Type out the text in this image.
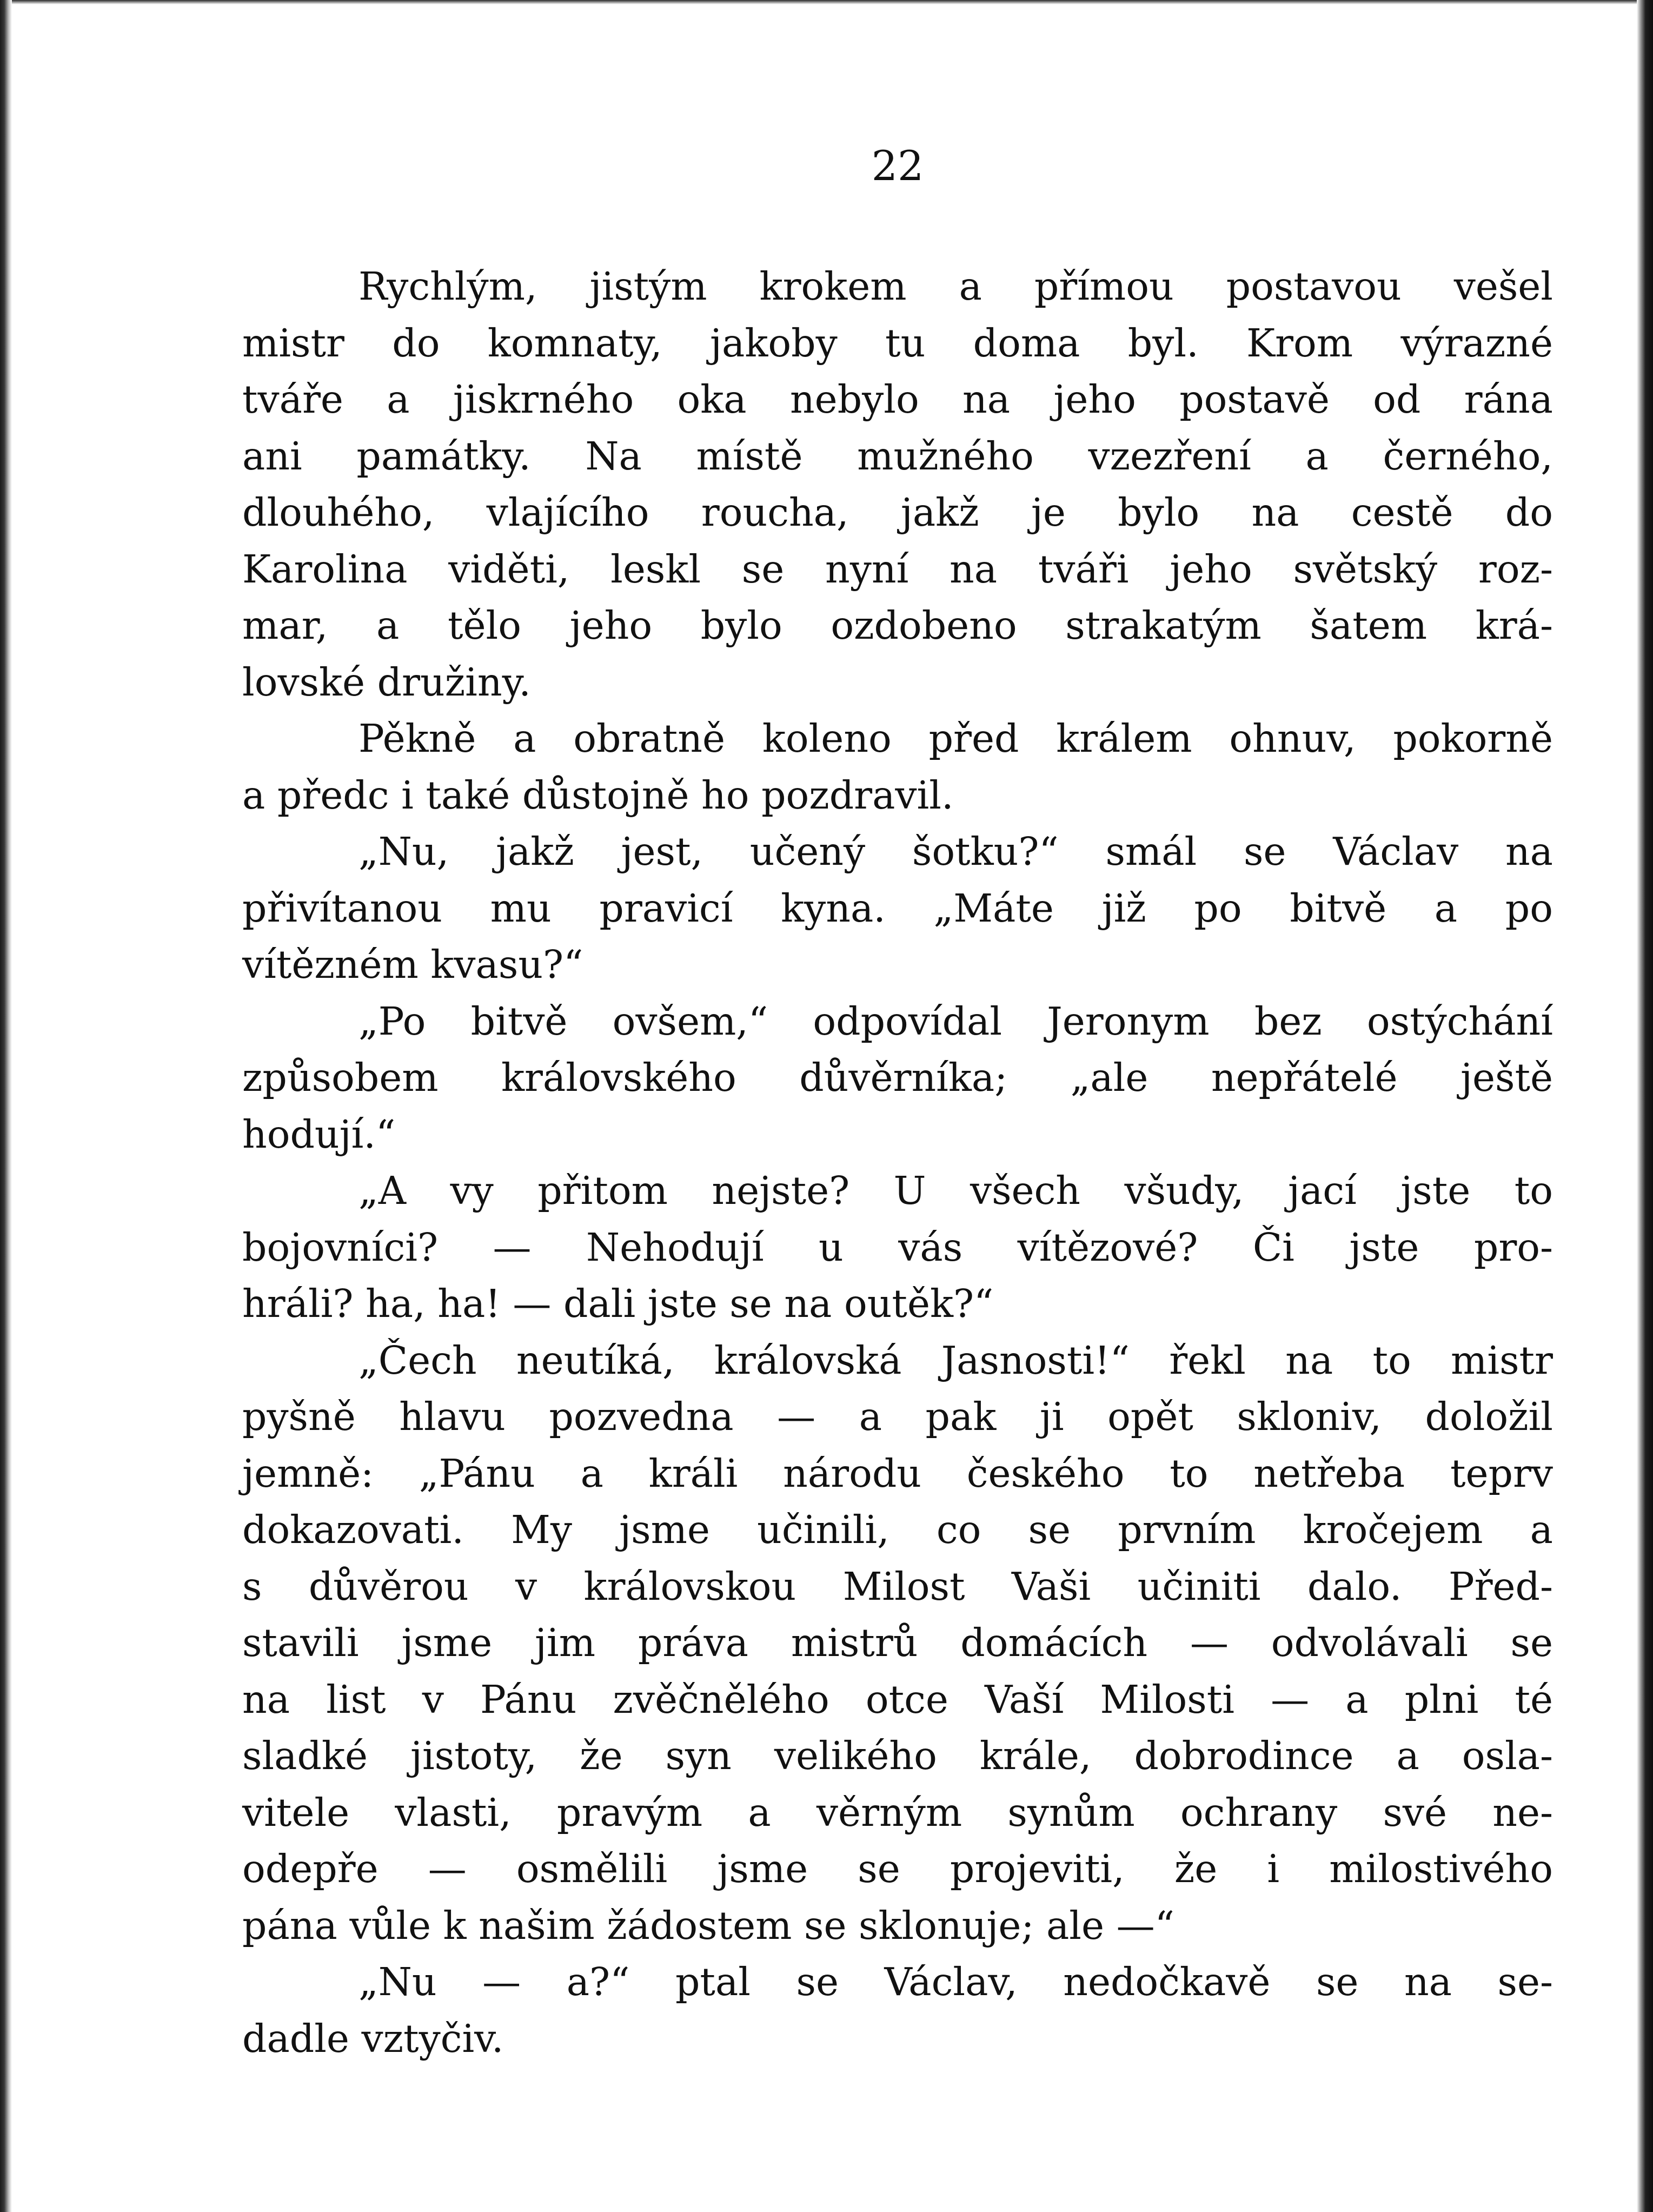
22

Rychlým, jistým krokem a přímou postavou vešel
mistr do komnaty, jakoby tu doma byl. Krom výrazné
tváře a jiskrného oka nebylo na jeho postavě od rána
ani památky. Na místě mužného vzezření a černého,
dlouhého, vlajícího roucha, jakž je bylo na cestě do
Karolina viděti, leskl se nyní na tváři jeho světský roz-
mar, a tělo jeho bylo ozdobeno strakatým šatem krá-
lovské družiny.

Pěkně a obratně koleno před králem ohnuv, pokorně
a předc i také důstojně ho pozdravil.

„Nu, jakž jest, učený šotku?“ smál se Václav na
přivítanou mu pravicí kyna. „Máte již po bitvě a po
vítězném kvasu?“

„Po bitvě ovšem,“ odpovídal Jeronym bez ostýchání
způsobem královského důvěrníka; „ale nepřátelé ještě
hodují.“

„A vy přitom nejste? U všech všudy, jací jste to
bojovníci? — Nehodují u vás vítězové? Či jste pro-
hráli? ha, ha! — dali jste se na outěk?“

„Čech neutíká, královská Jasnosti!“ řekl na to mistr
pyšně hlavu pozvedna — a pak ji opět skloniv, doložil
jemně: „Pánu a králi národu českého to netřeba teprv
dokazovati. My jsme učinili, co se prvním kročejem a
s důvěrou v královskou Milost Vaši učiniti dalo. Před-
stavili jsme jim práva mistrů domácích — odvolávali se
na list v Pánu zvěčnělého otce Vaší Milosti — a plni té
sladké jistoty, že syn velikého krále, dobrodince a osla-
vitele vlasti, pravým a věrným synům ochrany své ne-
odepře — osmělili jsme se projeviti, že i milostivého
pána vůle k našim žádostem se sklonuje; ale —“

„Nu — a?“ ptal se Václav, nedočkavě se na se-
dadle vztyčiv.
